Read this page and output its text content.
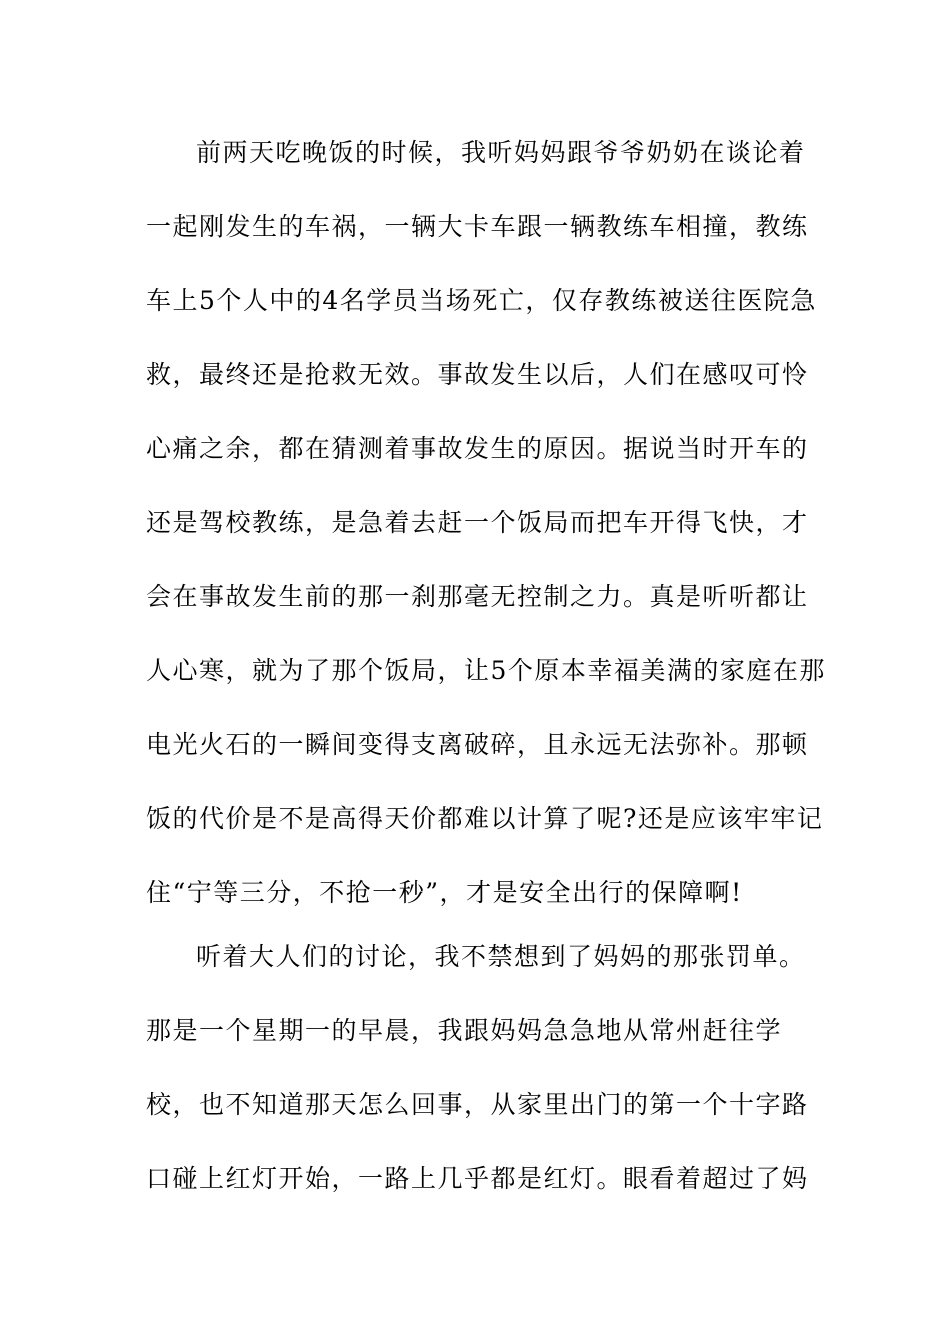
前两天吃晚饭的时候，我听妈妈跟爷爷奶奶在谈论着
一起刚发生的车祸，一辆大卡车跟一辆教练车相撞，教练
车上5个人中的4名学员当场死亡，仅存教练被送往医院急
救，最终还是抢救无效。事故发生以后，人们在感叹可怜
心痛之余，都在猜测着事故发生的原因。据说当时开车的
还是驾校教练，是急着去赶一个饭局而把车开得飞快，才
会在事故发生前的那一刹那毫无控制之力。真是听听都让
人心寒，就为了那个饭局，让5个原本幸福美满的家庭在那
电光火石的一瞬间变得支离破碎，且永远无法弥补。那顿
饭的代价是不是高得天价都难以计算了呢?还是应该牢牢记
住“宁等三分，不抢一秒”，才是安全出行的保障啊!
听着大人们的讨论，我不禁想到了妈妈的那张罚单。
那是一个星期一的早晨，我跟妈妈急急地从常州赶往学
校，也不知道那天怎么回事，从家里出门的第一个十字路
口碰上红灯开始，一路上几乎都是红灯。眼看着超过了妈
